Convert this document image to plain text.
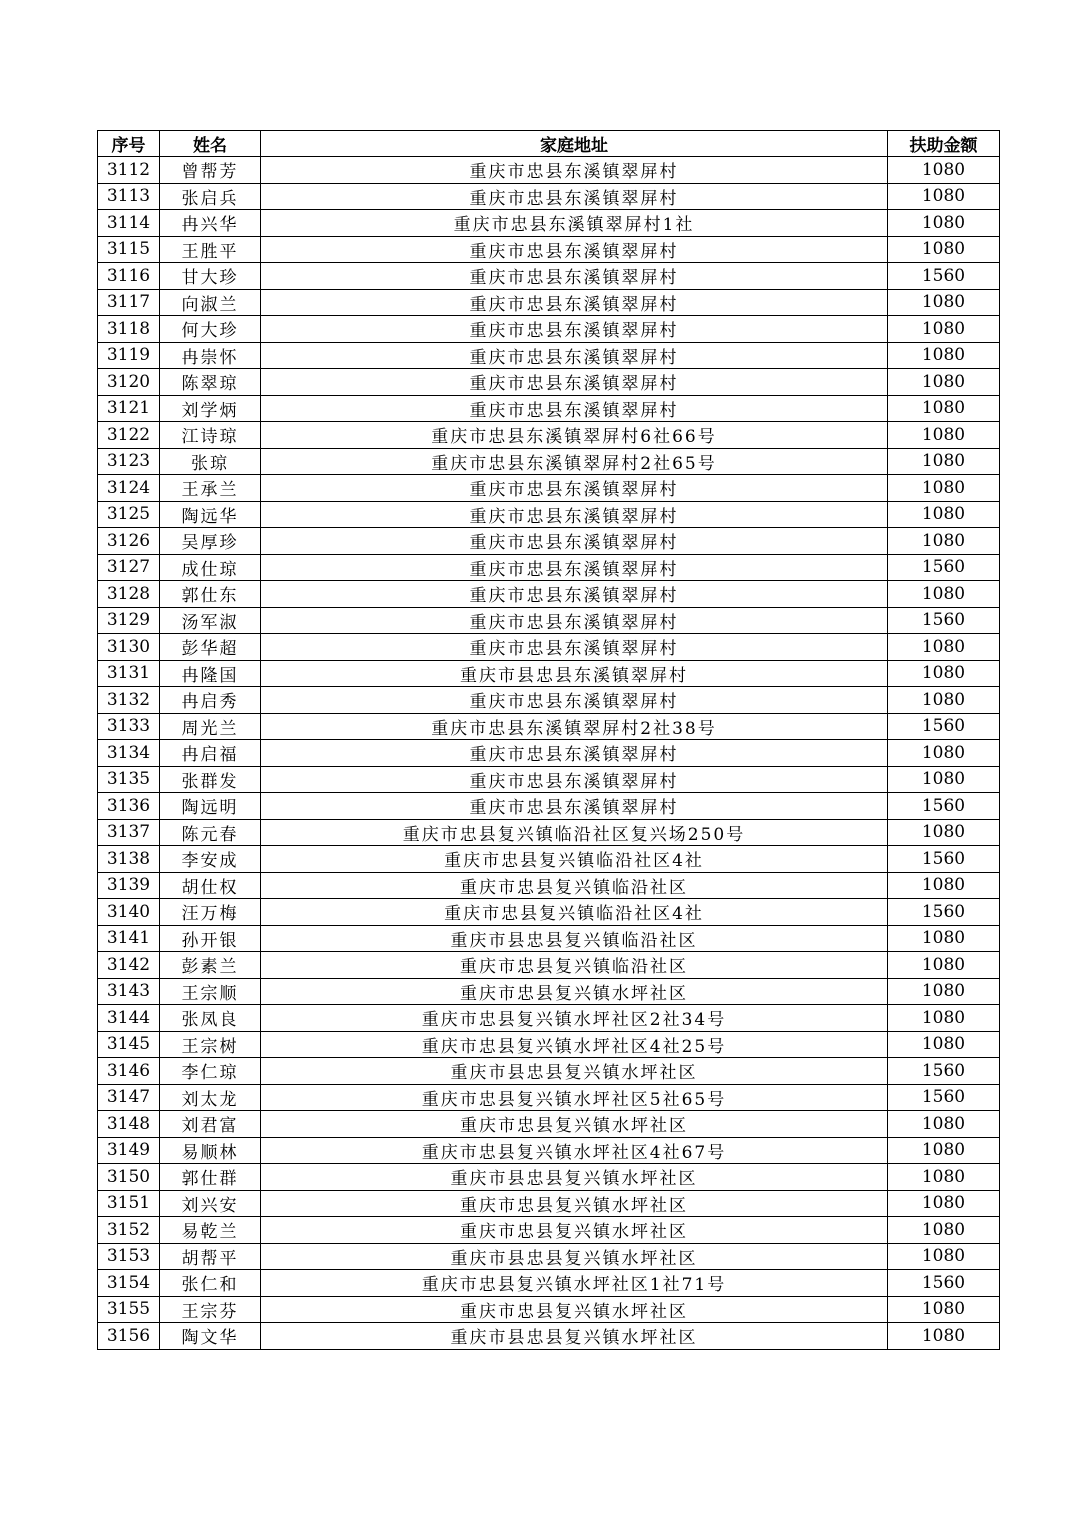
序号	姓名	家庭地址	扶助金额
3112	曾帮芳	重庆市忠县东溪镇翠屏村	1080
3113	张启兵	重庆市忠县东溪镇翠屏村	1080
3114	冉兴华	重庆市忠县东溪镇翠屏村1社	1080
3115	王胜平	重庆市忠县东溪镇翠屏村	1080
3116	甘大珍	重庆市忠县东溪镇翠屏村	1560
3117	向淑兰	重庆市忠县东溪镇翠屏村	1080
3118	何大珍	重庆市忠县东溪镇翠屏村	1080
3119	冉崇怀	重庆市忠县东溪镇翠屏村	1080
3120	陈翠琼	重庆市忠县东溪镇翠屏村	1080
3121	刘学炳	重庆市忠县东溪镇翠屏村	1080
3122	江诗琼	重庆市忠县东溪镇翠屏村6社66号	1080
3123	张琼	重庆市忠县东溪镇翠屏村2社65号	1080
3124	王承兰	重庆市忠县东溪镇翠屏村	1080
3125	陶远华	重庆市忠县东溪镇翠屏村	1080
3126	吴厚珍	重庆市忠县东溪镇翠屏村	1080
3127	成仕琼	重庆市忠县东溪镇翠屏村	1560
3128	郭仕东	重庆市忠县东溪镇翠屏村	1080
3129	汤军淑	重庆市忠县东溪镇翠屏村	1560
3130	彭华超	重庆市忠县东溪镇翠屏村	1080
3131	冉隆国	重庆市县忠县东溪镇翠屏村	1080
3132	冉启秀	重庆市忠县东溪镇翠屏村	1080
3133	周光兰	重庆市忠县东溪镇翠屏村2社38号	1560
3134	冉启福	重庆市忠县东溪镇翠屏村	1080
3135	张群发	重庆市忠县东溪镇翠屏村	1080
3136	陶远明	重庆市忠县东溪镇翠屏村	1560
3137	陈元春	重庆市忠县复兴镇临沿社区复兴场250号	1080
3138	李安成	重庆市忠县复兴镇临沿社区4社	1560
3139	胡仕权	重庆市忠县复兴镇临沿社区	1080
3140	汪万梅	重庆市忠县复兴镇临沿社区4社	1560
3141	孙开银	重庆市县忠县复兴镇临沿社区	1080
3142	彭素兰	重庆市忠县复兴镇临沿社区	1080
3143	王宗顺	重庆市忠县复兴镇水坪社区	1080
3144	张凤良	重庆市忠县复兴镇水坪社区2社34号	1080
3145	王宗树	重庆市忠县复兴镇水坪社区4社25号	1080
3146	李仁琼	重庆市县忠县复兴镇水坪社区	1560
3147	刘太龙	重庆市忠县复兴镇水坪社区5社65号	1560
3148	刘君富	重庆市忠县复兴镇水坪社区	1080
3149	易顺林	重庆市忠县复兴镇水坪社区4社67号	1080
3150	郭仕群	重庆市县忠县复兴镇水坪社区	1080
3151	刘兴安	重庆市忠县复兴镇水坪社区	1080
3152	易乾兰	重庆市忠县复兴镇水坪社区	1080
3153	胡帮平	重庆市县忠县复兴镇水坪社区	1080
3154	张仁和	重庆市忠县复兴镇水坪社区1社71号	1560
3155	王宗芬	重庆市忠县复兴镇水坪社区	1080
3156	陶文华	重庆市县忠县复兴镇水坪社区	1080
